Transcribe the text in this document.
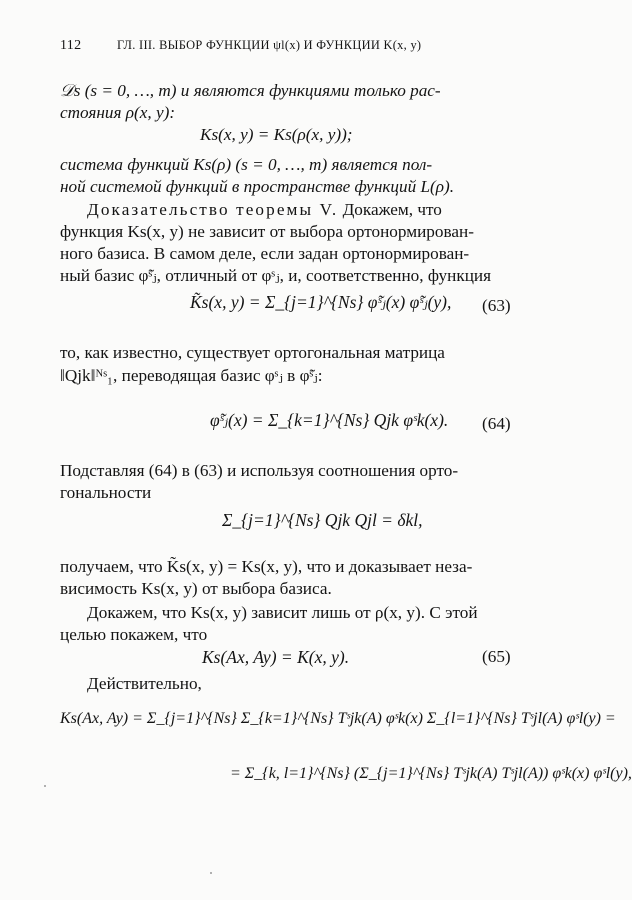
112	ГЛ. III. ВЫБОР ФУНКЦИИ ψl(x) И ФУНКЦИИ K(x, y)
𝒟s (s = 0, …, m) и являются функциями только рас-
стояния ρ(x, y):
Ks(x, y) = Ks(ρ(x, y));
система функций Ks(ρ) (s = 0, …, m) является пол-
ной системой функций в пространстве функций L(ρ).
Доказательство теоремы V. Докажем, что
функция Ks(x, y) не зависит от выбора ортонормирован-
ного базиса. В самом деле, если задан ортонормирован-
ный базис φ̃ˢⱼ, отличный от φˢⱼ, и, соответственно, функция
K̃s(x, y) = Σ_{j=1}^{Ns} φ̃ˢⱼ(x) φ̃ˢⱼ(y), (63)
то, как известно, существует ортогональная матрица
‖Qjk‖ᴺˢ₁, переводящая базис φˢⱼ в φ̃ˢⱼ:
φ̃ˢⱼ(x) = Σ_{k=1}^{Ns} Qjk φˢk(x). (64)
Подставляя (64) в (63) и используя соотношения орто-
гональности
Σ_{j=1}^{Ns} Qjk Qjl = δkl,
получаем, что K̃s(x, y) = Ks(x, y), что и доказывает неза-
висимость Ks(x, y) от выбора базиса.
Докажем, что Ks(x, y) зависит лишь от ρ(x, y). С этой
целью покажем, что
Ks(Ax, Ay) = K(x, y).	(65)
Действительно,
Ks(Ax, Ay) = Σ_{j=1}^{Ns} Σ_{k=1}^{Ns} Tˢjk(A) φˢk(x) Σ_{l=1}^{Ns} Tˢjl(A) φˢl(y) =
= Σ_{k, l=1}^{Ns} (Σ_{j=1}^{Ns} Tˢjk(A) Tˢjl(A)) φˢk(x) φˢl(y),
